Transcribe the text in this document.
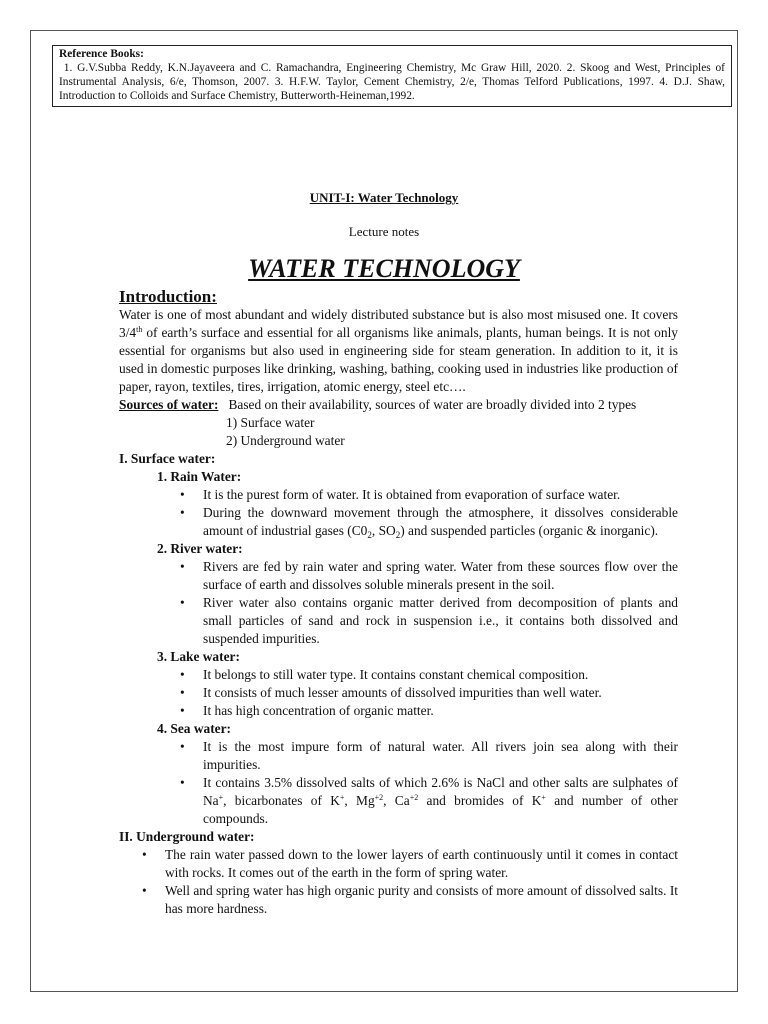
Reference Books:
1. G.V.Subba Reddy, K.N.Jayaveera and C. Ramachandra, Engineering Chemistry, Mc Graw Hill, 2020. 2. Skoog and West, Principles of Instrumental Analysis, 6/e, Thomson, 2007. 3. H.F.W. Taylor, Cement Chemistry, 2/e, Thomas Telford Publications, 1997. 4. D.J. Shaw, Introduction to Colloids and Surface Chemistry, Butterworth-Heineman,1992.
UNIT-I: Water Technology
Lecture notes
WATER TECHNOLOGY
Introduction:

Water is one of most abundant and widely distributed substance but is also most misused one. It covers 3/4th of earth’s surface and essential for all organisms like animals, plants, human beings. It is not only essential for organisms but also used in engineering side for steam generation. In addition to it, it is used in domestic purposes like drinking, washing, bathing, cooking used in industries like production of paper, rayon, textiles, tires, irrigation, atomic energy, steel etc….

Sources of water:   Based on their availability, sources of water are broadly divided into 2 types

1) Surface water
2) Underground water
I. Surface water:
1. Rain Water:
• It is the purest form of water. It is obtained from evaporation of surface water.
• During the downward movement through the atmosphere, it dissolves considerable amount of industrial gases ($C0_2$, $SO_2$) and suspended particles (organic & inorganic).
2. River water:
• Rivers are fed by rain water and spring water. Water from these sources flow over the surface of earth and dissolves soluble minerals present in the soil.
• River water also contains organic matter derived from decomposition of plants and small particles of sand and rock in suspension i.e., it contains both dissolved and suspended impurities.
3. Lake water:
• It belongs to still water type. It contains constant chemical composition.
• It consists of much lesser amounts of dissolved impurities than well water.
• It has high concentration of organic matter.
4. Sea water:
• It is the most impure form of natural water. All rivers join sea along with their impurities.
• It contains 3.5% dissolved salts of which 2.6% is NaCl and other salts are sulphates of Na+, bicarbonates of K+, $Mg^{+2}$, $Ca^{+2}$ and bromides of K+ and number of other compounds.
II. Underground water:
• The rain water passed down to the lower layers of earth continuously until it comes in contact with rocks. It comes out of the earth in the form of spring water.
• Well and spring water has high organic purity and consists of more amount of dissolved salts. It has more hardness.
